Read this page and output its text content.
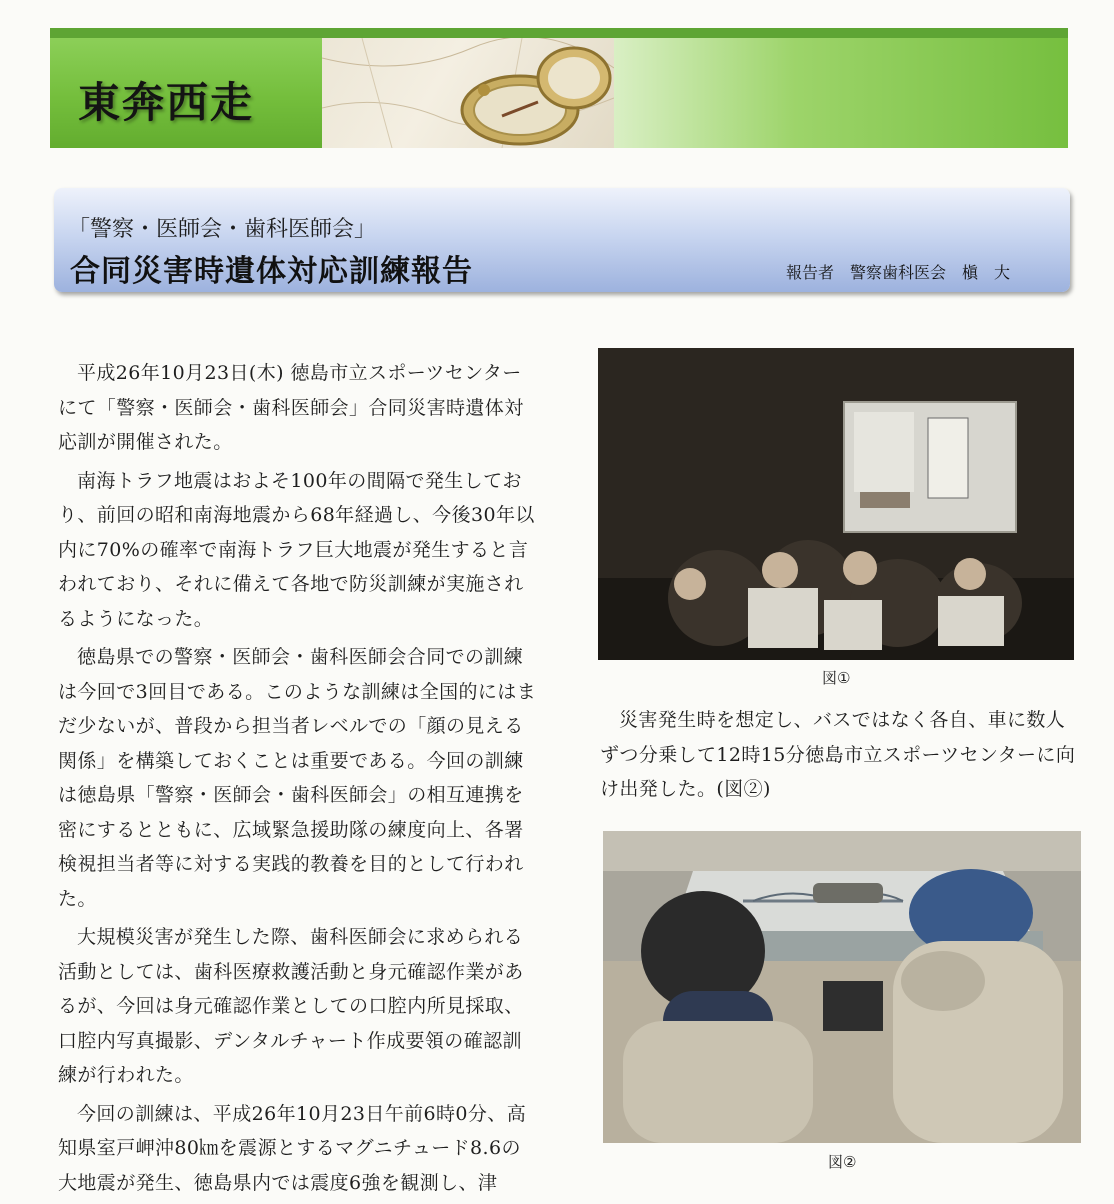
東奔西走
「警察・医師会・歯科医師会」
合同災害時遺体対応訓練報告	報告者　警察歯科医会　槇　大

平成26年10月23日(木) 徳島市立スポーツセンターにて「警察・医師会・歯科医師会」合同災害時遺体対応訓が開催された。

南海トラフ地震はおよそ100年の間隔で発生しており、前回の昭和南海地震から68年経過し、今後30年以内に70%の確率で南海トラフ巨大地震が発生すると言われており、それに備えて各地で防災訓練が実施されるようになった。

徳島県での警察・医師会・歯科医師会合同での訓練は今回で3回目である。このような訓練は全国的にはまだ少ないが、普段から担当者レベルでの「顔の見える関係」を構築しておくことは重要である。今回の訓練は徳島県「警察・医師会・歯科医師会」の相互連携を密にするとともに、広域緊急援助隊の練度向上、各署検視担当者等に対する実践的教養を目的として行われた。

大規模災害が発生した際、歯科医師会に求められる活動としては、歯科医療救護活動と身元確認作業があるが、今回は身元確認作業としての口腔内所見採取、口腔内写真撮影、デンタルチャート作成要領の確認訓練が行われた。

今回の訓練は、平成26年10月23日午前6時0分、高知県室戸岬沖80㎞を震源とするマグニチュード8.6の大地震が発生、徳島県内では震度6強を観測し、津

図①

災害発生時を想定し、バスではなく各自、車に数人ずつ分乗して12時15分徳島市立スポーツセンターに向け出発した。(図②)

図②
